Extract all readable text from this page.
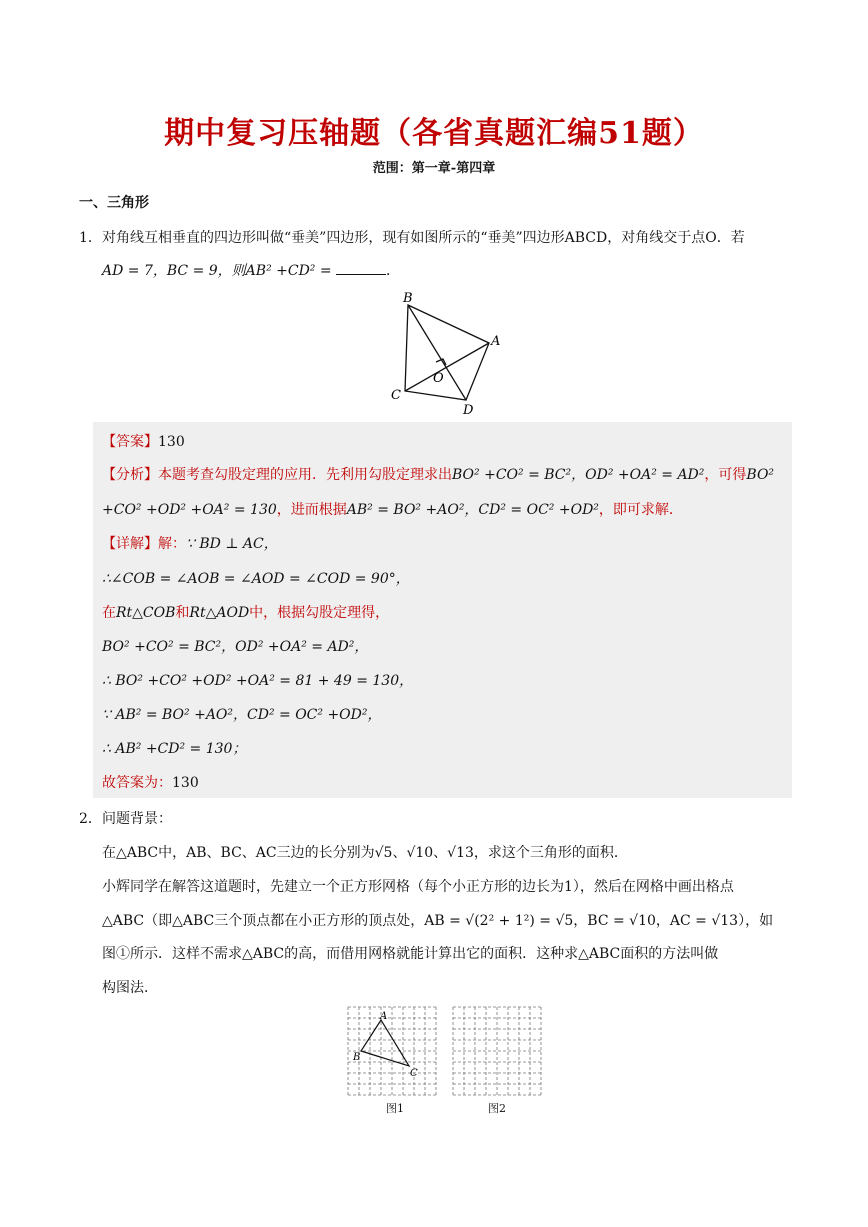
期中复习压轴题（各省真题汇编51题）
范围：第一章-第四章
一、三角形
1． 对角线互相垂直的四边形叫做“垂美”四边形，现有如图所示的“垂美”四边形ABCD，对角线交于点O．若
AD = 7，BC = 9，则AB² +CD² =	．
B
A
O
C
D
【答案】130
【分析】本题考查勾股定理的应用．先利用勾股定理求出BO² +CO² = BC²，OD² +OA² = AD²，可得BO²
+CO² +OD² +OA² = 130，进而根据AB² = BO² +AO²，CD² = OC² +OD²，即可求解．
【详解】解：∵ BD ⊥ AC，
∴∠COB = ∠AOB = ∠AOD = ∠COD = 90°，
在Rt△COB和Rt△AOD中，根据勾股定理得，
BO² +CO² = BC²，OD² +OA² = AD²，
∴ BO² +CO² +OD² +OA² = 81 + 49 = 130，
∵ AB² = BO² +AO²，CD² = OC² +OD²，
∴ AB² +CD² = 130；
故答案为：130
2． 问题背景：
在△ABC中，AB、BC、AC三边的长分别为√5、√10、√13，求这个三角形的面积．
小辉同学在解答这道题时，先建立一个正方形网格（每个小正方形的边长为1），然后在网格中画出格点
△ABC（即△ABC三个顶点都在小正方形的顶点处，AB = √(2² + 1²) = √5，BC = √10，AC = √13），如
图①所示．这样不需求△ABC的高，而借用网格就能计算出它的面积．这种求△ABC面积的方法叫做
构图法．
A
B
C
图1	图2
